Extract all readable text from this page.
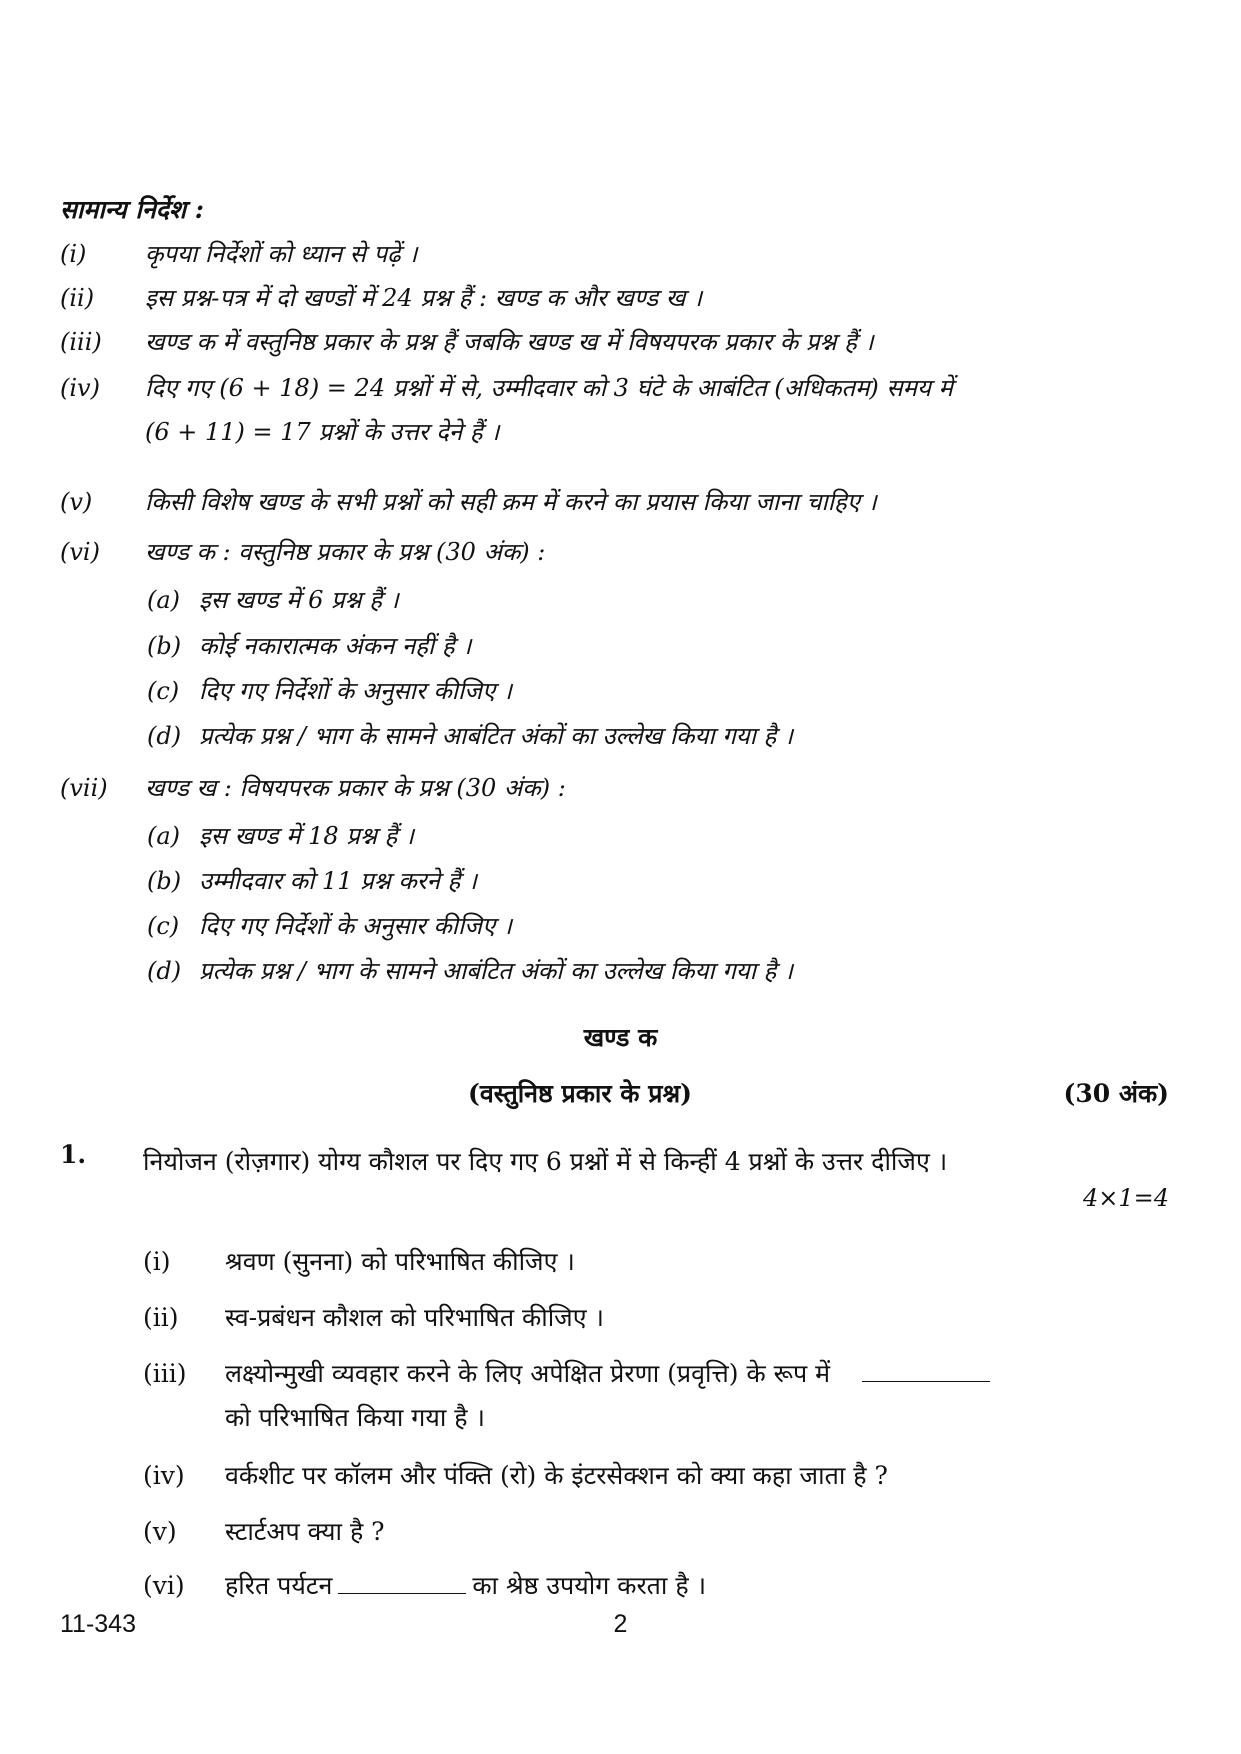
सामान्य निर्देश :
(i) कृपया निर्देशों को ध्यान से पढ़ें ।
(ii) इस प्रश्न-पत्र में दो खण्डों में 24 प्रश्न हैं : खण्ड क और खण्ड ख ।
(iii) खण्ड क में वस्तुनिष्ठ प्रकार के प्रश्न हैं जबकि खण्ड ख में विषयपरक प्रकार के प्रश्न हैं ।
(iv) दिए गए (6 + 18) = 24 प्रश्नों में से, उम्मीदवार को 3 घंटे के आबंटित (अधिकतम) समय में
(6 + 11) = 17 प्रश्नों के उत्तर देने हैं ।
(v) किसी विशेष खण्ड के सभी प्रश्नों को सही क्रम में करने का प्रयास किया जाना चाहिए ।
(vi) खण्ड क : वस्तुनिष्ठ प्रकार के प्रश्न (30 अंक) :
(a) इस खण्ड में 6 प्रश्न हैं ।
(b) कोई नकारात्मक अंकन नहीं है ।
(c) दिए गए निर्देशों के अनुसार कीजिए ।
(d) प्रत्येक प्रश्न / भाग के सामने आबंटित अंकों का उल्लेख किया गया है ।
(vii) खण्ड ख : विषयपरक प्रकार के प्रश्न (30 अंक) :
(a) इस खण्ड में 18 प्रश्न हैं ।
(b) उम्मीदवार को 11 प्रश्न करने हैं ।
(c) दिए गए निर्देशों के अनुसार कीजिए ।
(d) प्रत्येक प्रश्न / भाग के सामने आबंटित अंकों का उल्लेख किया गया है ।
खण्ड क
(वस्तुनिष्ठ प्रकार के प्रश्न)	(30 अंक)
1. नियोजन (रोज़गार) योग्य कौशल पर दिए गए 6 प्रश्नों में से किन्हीं 4 प्रश्नों के उत्तर दीजिए ।
4×1=4
(i) श्रवण (सुनना) को परिभाषित कीजिए ।
(ii) स्व-प्रबंधन कौशल को परिभाषित कीजिए ।
(iii) लक्ष्योन्मुखी व्यवहार करने के लिए अपेक्षित प्रेरणा (प्रवृत्ति) के रूप में
को परिभाषित किया गया है ।
(iv) वर्कशीट पर कॉलम और पंक्ति (रो) के इंटरसेक्शन को क्या कहा जाता है ?
(v) स्टार्टअप क्या है ?
(vi) हरित पर्यटन	का श्रेष्ठ उपयोग करता है ।
11-343	2
